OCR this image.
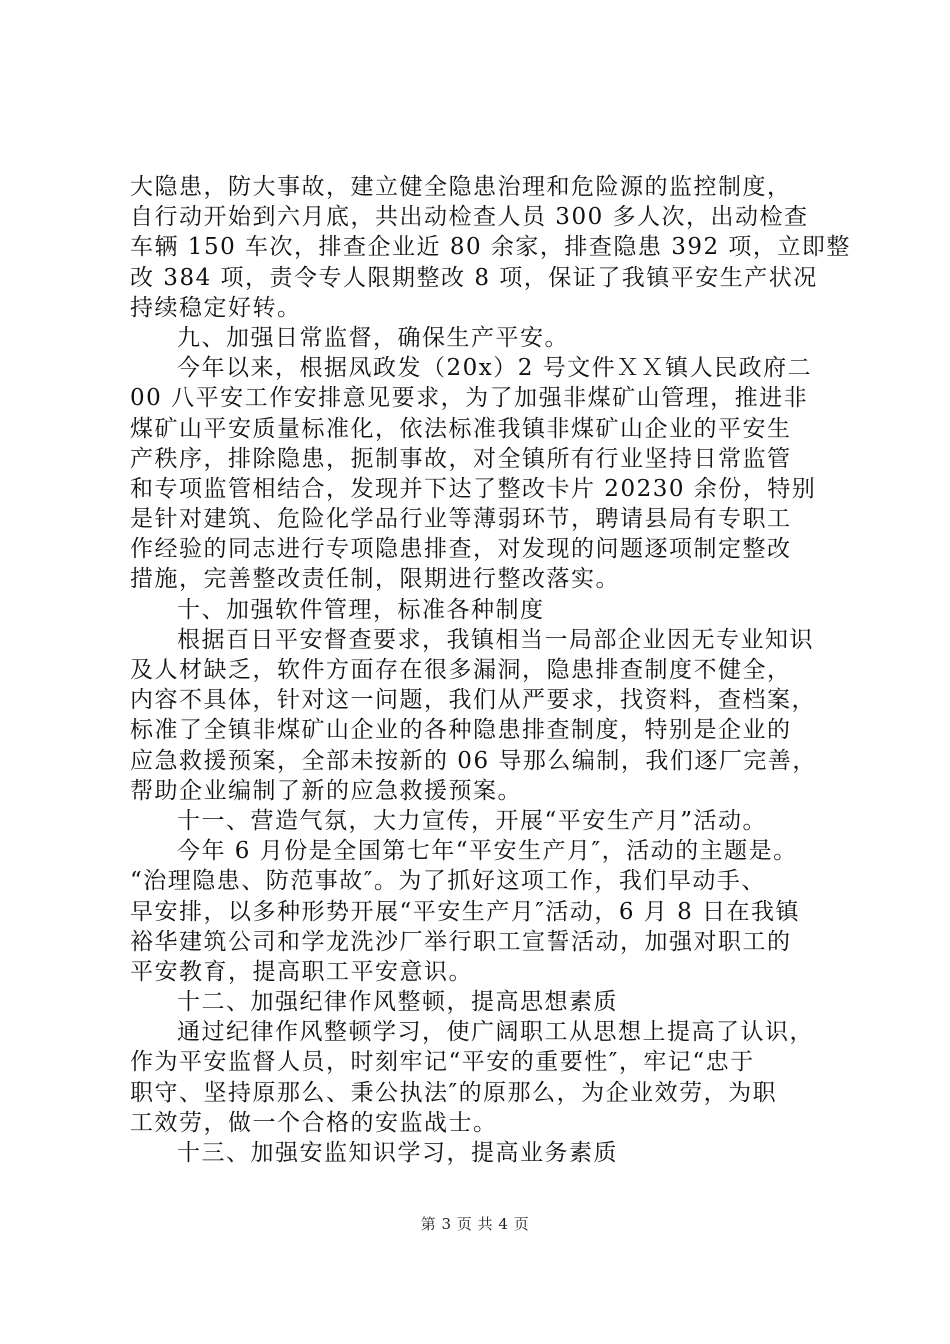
大隐患，防大事故，建立健全隐患治理和危险源的监控制度，
自行动开始到六月底，共出动检查人员 300 多人次，出动检查
车辆 150 车次，排查企业近 80 余家，排查隐患 392 项，立即整
改 384 项，责令专人限期整改 8 项，保证了我镇平安生产状况
持续稳定好转。
九、加强日常监督，确保生产平安。
今年以来，根据凤政发（20x）2 号文件ＸＸ镇人民政府二
00 八平安工作安排意见要求，为了加强非煤矿山管理，推进非
煤矿山平安质量标准化，依法标准我镇非煤矿山企业的平安生
产秩序，排除隐患，扼制事故，对全镇所有行业坚持日常监管
和专项监管相结合，发现并下达了整改卡片 20230 余份，特别
是针对建筑、危险化学品行业等薄弱环节，聘请县局有专职工
作经验的同志进行专项隐患排查，对发现的问题逐项制定整改
措施，完善整改责任制，限期进行整改落实。
十、加强软件管理，标准各种制度
根据百日平安督查要求，我镇相当一局部企业因无专业知识
及人材缺乏，软件方面存在很多漏洞，隐患排查制度不健全，
内容不具体，针对这一问题，我们从严要求，找资料，查档案，
标准了全镇非煤矿山企业的各种隐患排查制度，特别是企业的
应急救援预案，全部未按新的 06 导那么编制，我们逐厂完善，
帮助企业编制了新的应急救援预案。
十一、营造气氛，大力宣传，开展“平安生产月”活动。
今年 6 月份是全国第七年“平安生产月″，活动的主题是。
“治理隐患、防范事故″。为了抓好这项工作，我们早动手、
早安排，以多种形势开展“平安生产月″活动，6 月 8 日在我镇
裕华建筑公司和学龙洗沙厂举行职工宣誓活动，加强对职工的
平安教育，提高职工平安意识。
十二、加强纪律作风整顿，提高思想素质
通过纪律作风整顿学习，使广阔职工从思想上提高了认识，
作为平安监督人员，时刻牢记“平安的重要性″，牢记“忠于
职守、坚持原那么、秉公执法″的原那么，为企业效劳，为职
工效劳，做一个合格的安监战士。
十三、加强安监知识学习，提高业务素质
第 3 页 共 4 页
